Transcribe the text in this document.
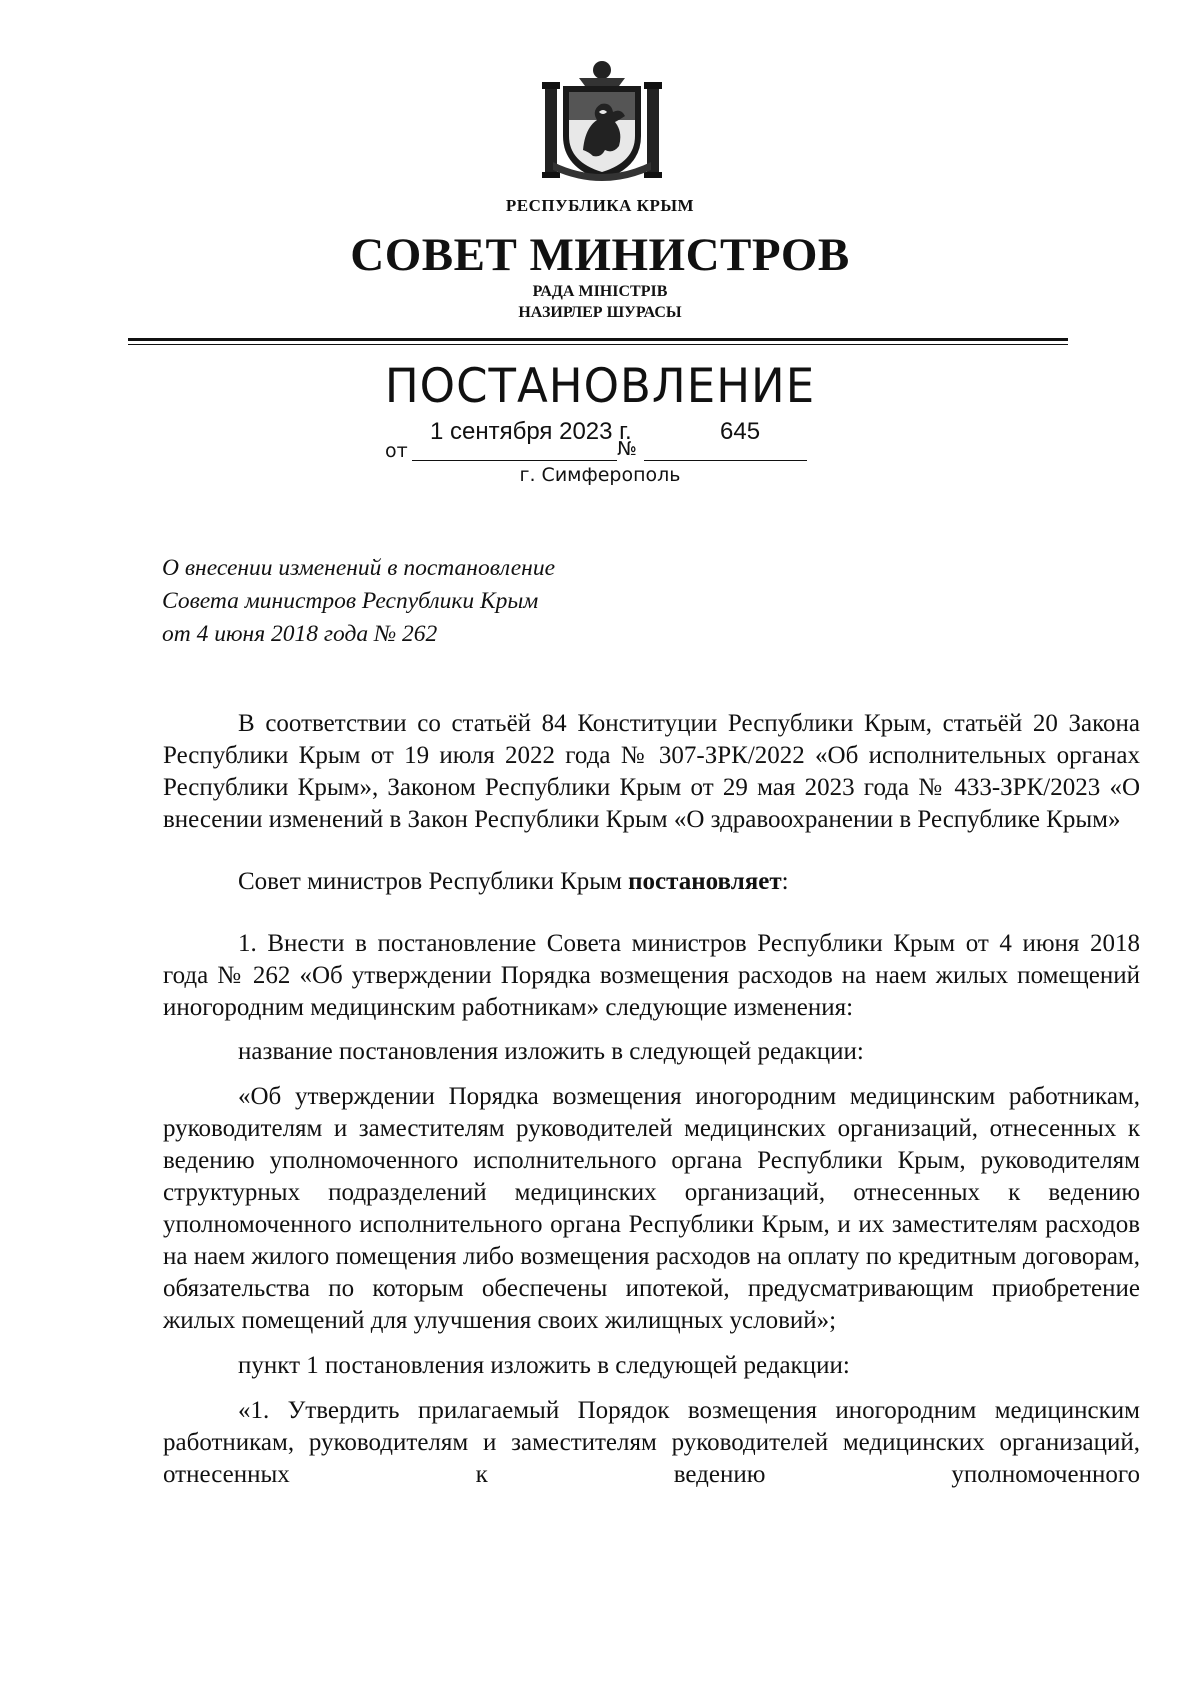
РЕСПУБЛИКА КРЫМ
СОВЕТ МИНИСТРОВ
РАДА МІНІСТРІВ
НАЗИРЛЕР ШУРАСЫ
ПОСТАНОВЛЕНИЕ
от	№
1 сентября 2023 г.	645
г. Симферополь
О внесении изменений в постановление
Совета министров Республики Крым
от 4 июня 2018 года № 262

В соответствии со статьёй 84 Конституции Республики Крым, статьёй 20 Закона Республики Крым от 19 июля 2022 года № 307-ЗРК/2022 «Об исполнительных органах Республики Крым», Законом Республики Крым от 29 мая 2023 года № 433-ЗРК/2023 «О внесении изменений в Закон Республики Крым «О здравоохранении в Республике Крым»

Совет министров Республики Крым постановляет:

1. Внести в постановление Совета министров Республики Крым от 4 июня 2018 года № 262 «Об утверждении Порядка возмещения расходов на наем жилых помещений иногородним медицинским работникам» следующие изменения:

название постановления изложить в следующей редакции:

«Об утверждении Порядка возмещения иногородним медицинским работникам, руководителям и заместителям руководителей медицинских организаций, отнесенных к ведению уполномоченного исполнительного органа Республики Крым, руководителям структурных подразделений медицинских организаций, отнесенных к ведению уполномоченного исполнительного органа Республики Крым, и их заместителям расходов на наем жилого помещения либо возмещения расходов на оплату по кредитным договорам, обязательства по которым обеспечены ипотекой, предусматривающим приобретение жилых помещений для улучшения своих жилищных условий»;

пункт 1 постановления изложить в следующей редакции:

«1. Утвердить прилагаемый Порядок возмещения иногородним медицинским работникам, руководителям и заместителям руководителей медицинских организаций, отнесенных к ведению уполномоченного
